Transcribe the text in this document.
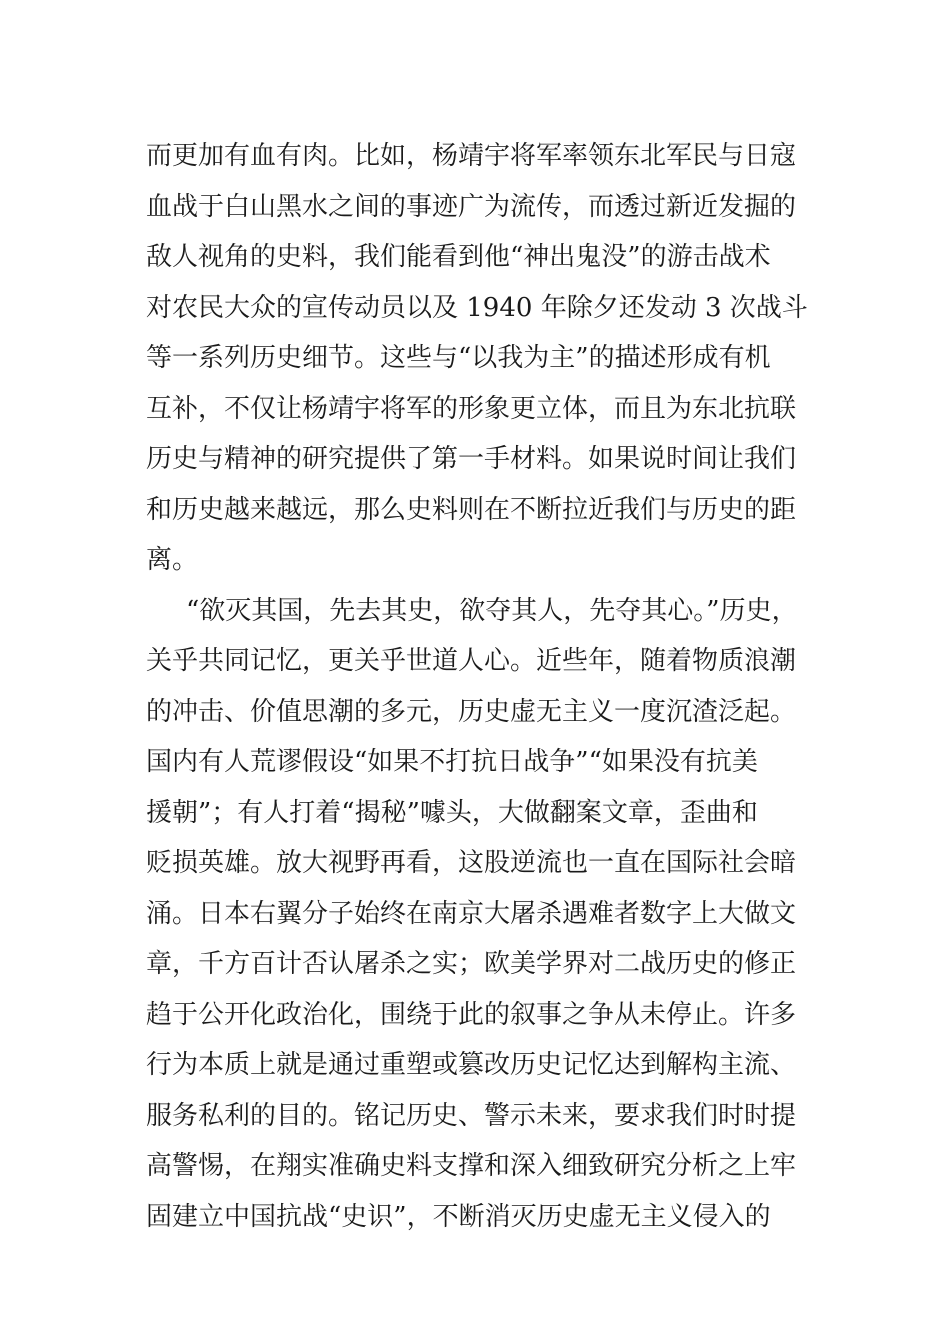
而更加有血有肉。比如，杨靖宇将军率领东北军民与日寇
血战于白山黑水之间的事迹广为流传，而透过新近发掘的
敌人视角的史料，我们能看到他“神出鬼没”的游击战术
对农民大众的宣传动员以及 1940 年除夕还发动 3 次战斗
等一系列历史细节。这些与“以我为主”的描述形成有机
互补，不仅让杨靖宇将军的形象更立体，而且为东北抗联
历史与精神的研究提供了第一手材料。如果说时间让我们
和历史越来越远，那么史料则在不断拉近我们与历史的距
离。
“欲灭其国，先去其史，欲夺其人，先夺其心。”历史，
关乎共同记忆，更关乎世道人心。近些年，随着物质浪潮
的冲击、价值思潮的多元，历史虚无主义一度沉渣泛起。
国内有人荒谬假设“如果不打抗日战争”“如果没有抗美
援朝”；有人打着“揭秘”噱头，大做翻案文章，歪曲和
贬损英雄。放大视野再看，这股逆流也一直在国际社会暗
涌。日本右翼分子始终在南京大屠杀遇难者数字上大做文
章，千方百计否认屠杀之实；欧美学界对二战历史的修正
趋于公开化政治化，围绕于此的叙事之争从未停止。许多
行为本质上就是通过重塑或篡改历史记忆达到解构主流、
服务私利的目的。铭记历史、警示未来，要求我们时时提
高警惕，在翔实准确史料支撑和深入细致研究分析之上牢
固建立中国抗战“史识”，不断消灭历史虚无主义侵入的
